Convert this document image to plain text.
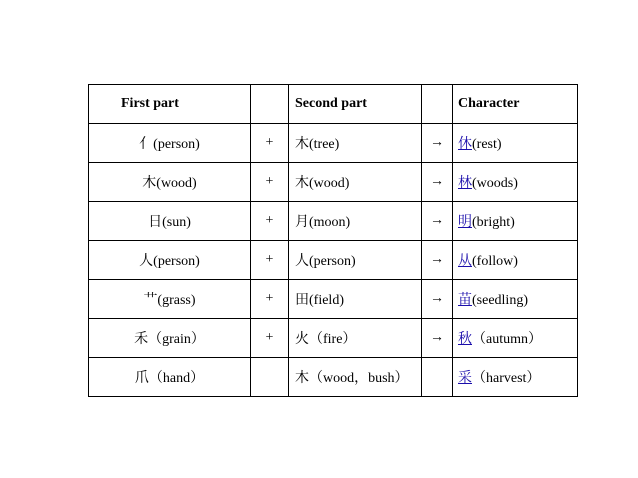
First part		Second part		Character
亻(person)	+	木(tree)	→	休(rest)
木(wood)	+	木(wood)	→	林(woods)
日(sun)	+	月(moon)	→	明(bright)
人(person)	+	人(person)	→	从(follow)
艹(grass)	+	田(field)	→	苗(seedling)
禾（grain）	+	火（fire）	→	秋（autumn）
爪（hand）		木（wood，bush）		采（harvest）
